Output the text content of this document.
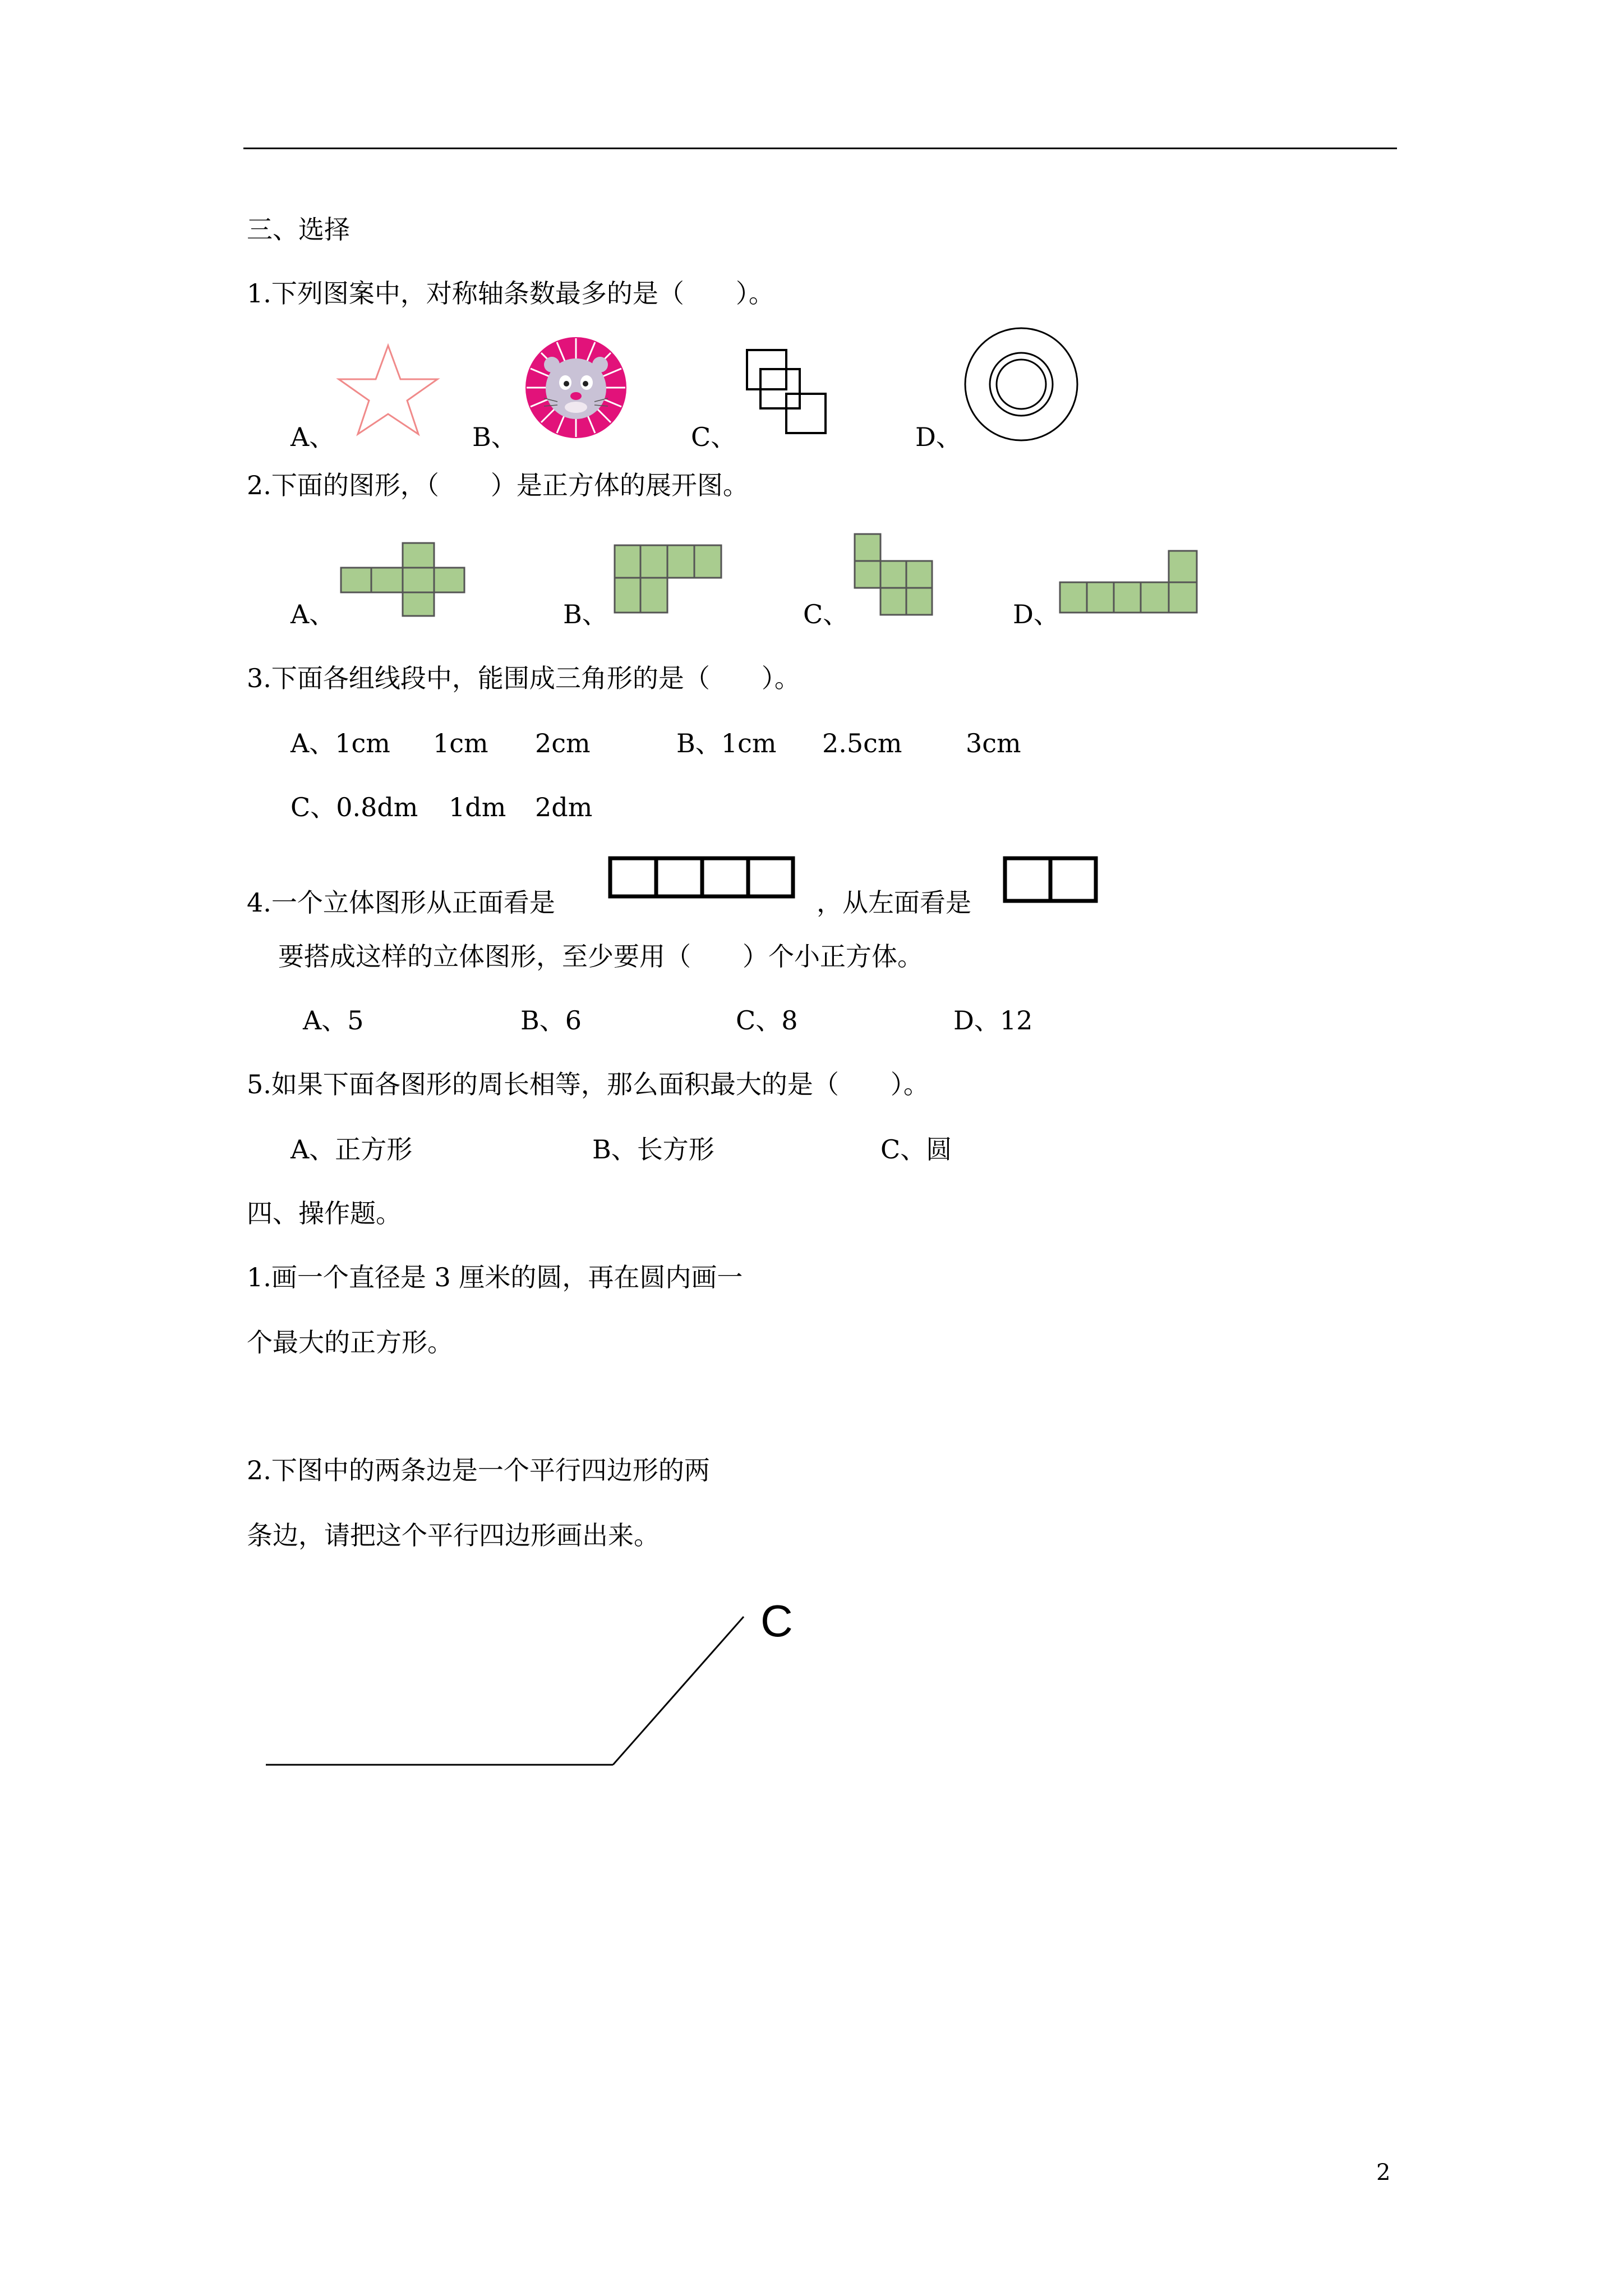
三、选择
1.下列图案中，对称轴条数最多的是（　　）。
A、	B、	C、	D、
2.下面的图形，（　　）是正方体的展开图。
A、	B、	C、	D、
3.下面各组线段中，能围成三角形的是（　　）。
A、1cm 1cm 2cm	B、1cm 2.5cm 3cm
C、0.8dm 1dm 2dm
4.一个立体图形从正面看是	，从左面看是
要搭成这样的立体图形，至少要用（　　）个小正方体。
A、5	B、6	C、8	D、12
5.如果下面各图形的周长相等，那么面积最大的是（　　）。
A、正方形	B、长方形	C、圆
四、操作题。
1.画一个直径是 3 厘米的圆，再在圆内画一
个最大的正方形。
2.下图中的两条边是一个平行四边形的两
条边，请把这个平行四边形画出来。
C
2
